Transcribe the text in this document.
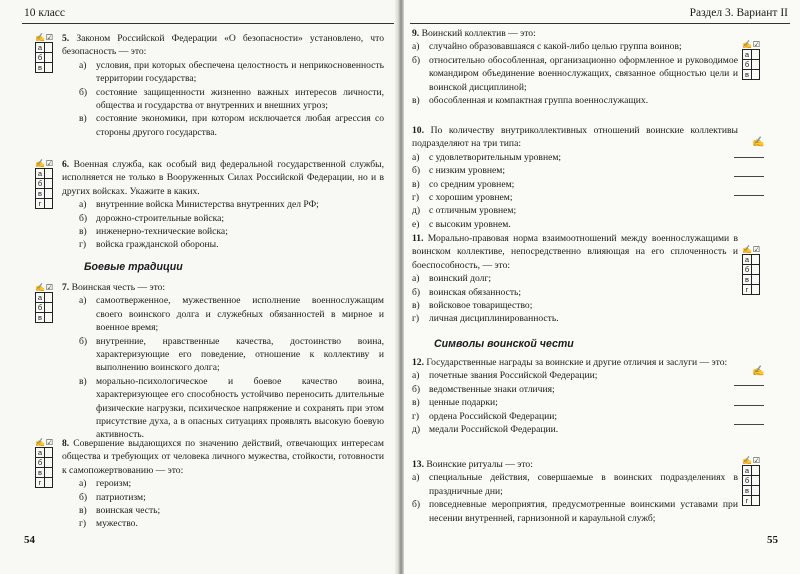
10 класс
✍ ☑
а
б
в
✍ ☑
а
б
в
г
✍ ☑
а
б
в
✍ ☑
а
б
в
г
5. Законом Российской Федерации «О безопасности» установлено, что безопасность — это:
а) условия, при которых обеспечена целостность и неприкосновенность территории государства;
б) состояние защищенности жизненно важных интересов личности, общества и государства от внутренних и внешних угроз;
в) состояние экономики, при котором исключается любая агрессия со стороны другого государства.
6. Военная служба, как особый вид федеральной государственной службы, исполняется не только в Вооруженных Силах Российской Федерации, но и в других войсках. Укажите в каких.
а) внутренние войска Министерства внутренних дел РФ;
б) дорожно-строительные войска;
в) инженерно-технические войска;
г)	войска гражданской обороны.
Боевые традиции
7. Воинская честь — это:
а) самоотверженное, мужественное исполнение военнослужащим своего воинского долга и служебных обязанностей в мирное и военное время;
б) внутренние, нравственные качества, достоинство воина, характеризующие его поведение, отношение к коллективу и выполнению воинского долга;
в) морально-психологическое и боевое качество воина, характеризующее его способность устойчиво переносить длительные физические нагрузки, психическое напряжение и сохранять при этом присутствие духа, а в опасных ситуациях проявлять высокую боевую активность.
8. Совершение выдающихся по значению действий, отвечающих интересам общества и требующих от человека личного мужества, стойкости, готовности к самопожертвованию — это:
а) героизм;
б) патриотизм;
в) воинская честь;
г)	мужество.
54
Раздел 3. Вариант II
9. Воинский коллектив — это:
а) случайно образовавшаяся с какой-либо целью группа воинов;
б) относительно обособленная, организационно оформленное и руководимое командиром объединение военнослужащих, связанное общностью цели и воинской дисциплиной;
в) обособленная и компактная группа военнослужащих.
10. По количеству внутриколлективных отношений воинские коллективы подразделяют на три типа:
а) с удовлетворительным уровнем;
б) с низким уровнем;
в) со средним уровнем;
г)	с хорошим уровнем;
д) с отличным уровнем;
е) с высоким уровнем.
11. Морально-правовая норма взаимоотношений между военнослужащими в воинском коллективе, непосредственно влияющая на его сплоченность и боеспособность, — это:
а) воинский долг;
б) воинская обязанность;
в) войсковое товарищество;
г)	личная дисциплинированность.
Символы воинской чести
12. Государственные награды за воинские и другие отличия и заслуги — это:
а) почетные звания Российской Федерации;
б) ведомственные знаки отличия;
в) ценные подарки;
г)	ордена Российской Федерации;
д) медали Российской Федерации.
13. Воинские ритуалы — это:
а) специальные действия, совершаемые в воинских подразделениях в праздничные дни;
б) повседневные мероприятия, предусмотренные воинскими уставами при несении внутренней, гарнизонной и караульной служб;
✍ ☑
а
б
в
✍
✍ ☑
а
б
в
г
✍
✍ ☑
а
б
в
г
55
